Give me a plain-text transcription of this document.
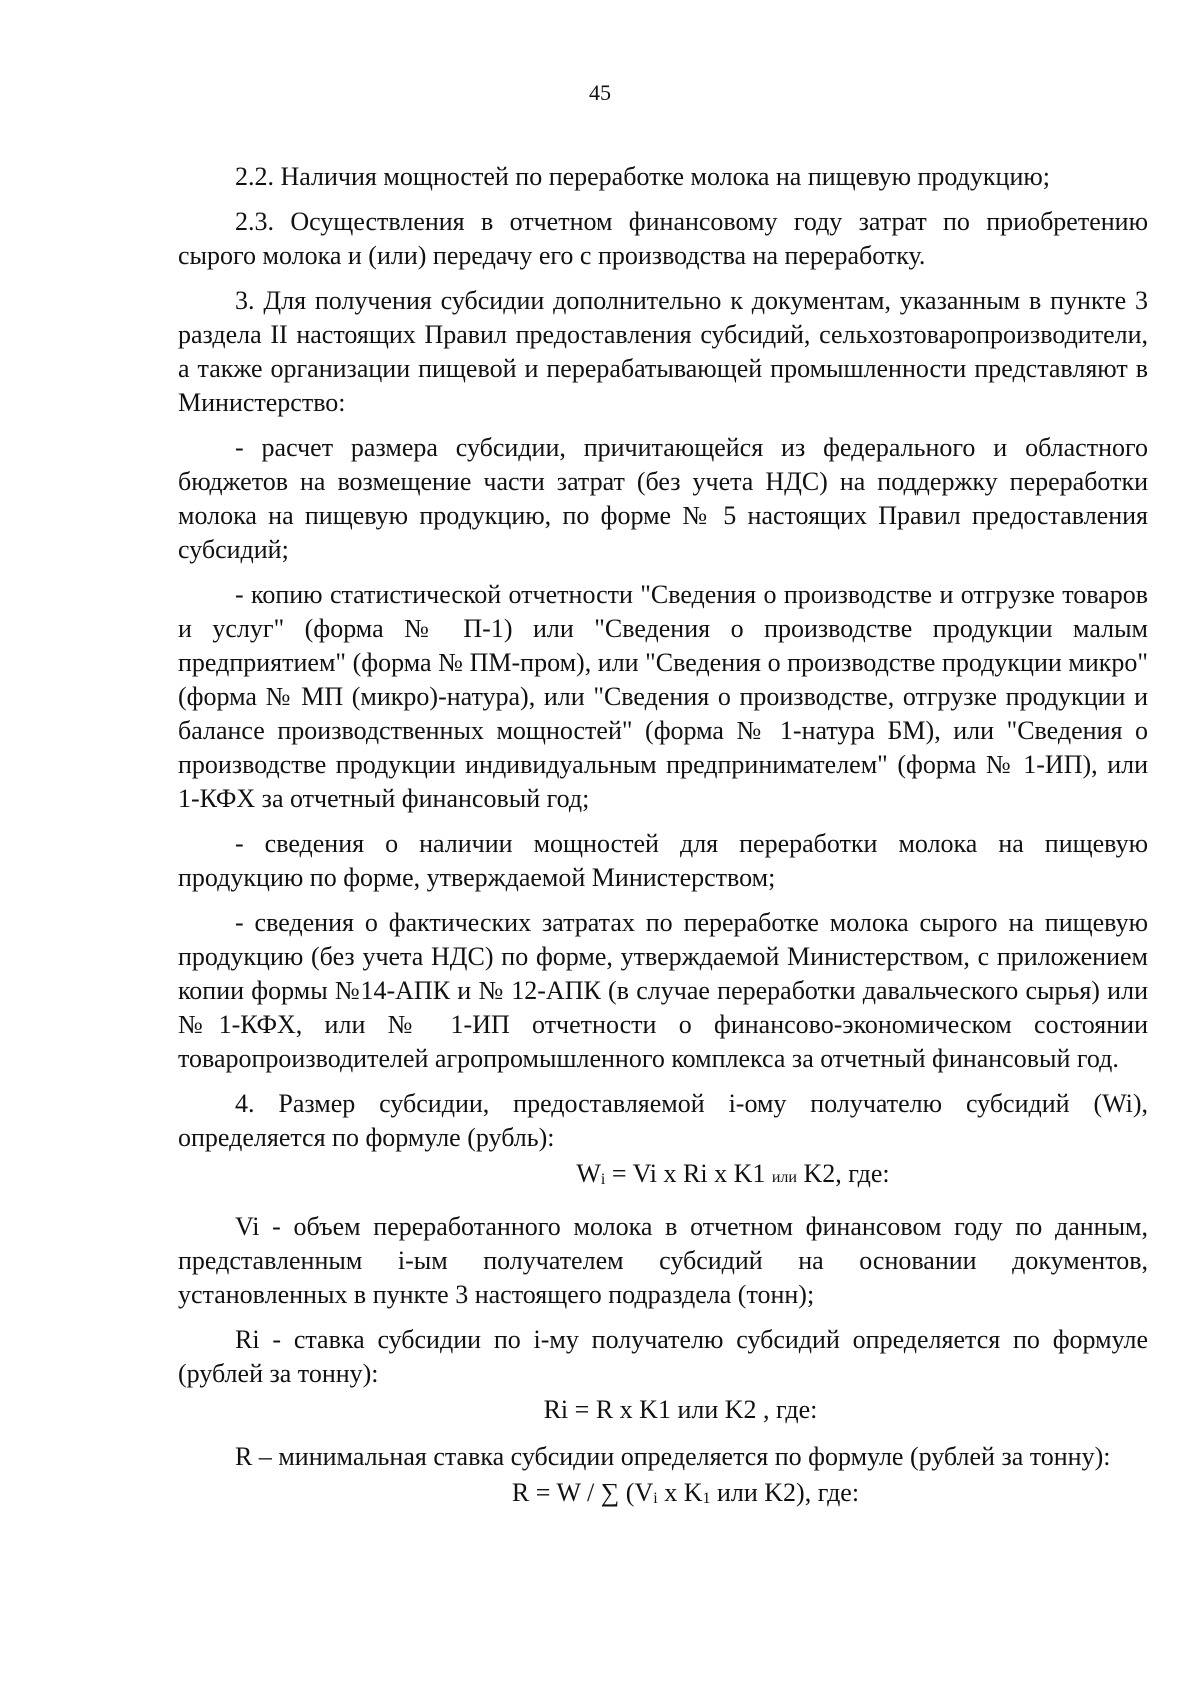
45

2.2. Наличия мощностей по переработке молока на пищевую продукцию;

2.3. Осуществления в отчетном финансовому году затрат по приобретению сырого молока и (или) передачу его с производства на переработку.

3. Для получения субсидии дополнительно к документам, указанным в пункте 3 раздела II настоящих Правил предоставления субсидий, сельхозтоваропроизводители, а также организации пищевой и перерабатывающей промышленности представляют в Министерство:

- расчет размера субсидии, причитающейся из федерального и областного бюджетов на возмещение части затрат (без учета НДС) на поддержку переработки молока на пищевую продукцию, по форме № 5 настоящих Правил предоставления субсидий;

- копию статистической отчетности "Сведения о производстве и отгрузке товаров и услуг" (форма № П-1) или "Сведения о производстве продукции малым предприятием" (форма № ПМ-пром), или "Сведения о производстве продукции микро" (форма № МП (микро)-натура), или "Сведения о производстве, отгрузке продукции и балансе производственных мощностей" (форма № 1-натура БМ), или "Сведения о производстве продукции индивидуальным предпринимателем" (форма № 1-ИП), или 1-КФХ за отчетный финансовый год;

- сведения о наличии мощностей для переработки молока на пищевую продукцию по форме, утверждаемой Министерством;

- сведения о фактических затратах по переработке молока сырого на пищевую продукцию (без учета НДС) по форме, утверждаемой Министерством, с приложением копии формы №14-АПК и № 12-АПК (в случае переработки давальческого сырья) или №1-КФХ, или № 1-ИП отчетности о финансово-экономическом состоянии товаропроизводителей агропромышленного комплекса за отчетный финансовый год.

4. Размер субсидии, предоставляемой i-ому получателю субсидий (Wi), определяется по формуле (рубль):

Wi = Vi x Ri x K1 или K2, где:

Vi - объем переработанного молока в отчетном финансовом году по данным, представленным i-ым получателем субсидий на основании документов, установленных в пункте 3 настоящего подраздела (тонн);

Ri - ставка субсидии по i-му получателю субсидий определяется по формуле (рублей за тонну):

Ri = R x K1 или K2 , где:

R – минимальная ставка субсидии определяется по формуле (рублей за тонну):

R = W / ∑ (Vi x K1 или K2), где:
